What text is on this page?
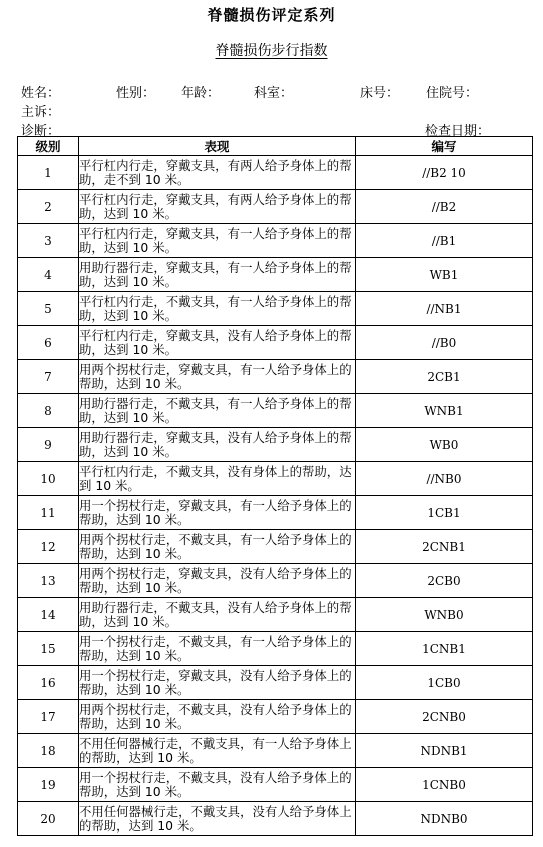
脊髓损伤评定系列
脊髓损伤步行指数
姓名：	性别： 年龄：	科室：	床号： 住院号：
主诉：
诊断：	检查日期：
级别	表现	编写
1	平行杠内行走，穿戴支具，有两人给予身体上的帮助，走不到 10 米。	//B2 10
2	平行杠内行走，穿戴支具，有两人给予身体上的帮助，达到 10 米。	//B2
3	平行杠内行走，穿戴支具，有一人给予身体上的帮助，达到 10 米。	//B1
4	用助行器行走，穿戴支具，有一人给予身体上的帮助，达到 10 米。	WB1
5	平行杠内行走，不戴支具，有一人给予身体上的帮助，达到 10 米。	//NB1
6	平行杠内行走，穿戴支具，没有人给予身体上的帮助，达到 10 米。	//B0
7	用两个拐杖行走，穿戴支具，有一人给予身体上的帮助，达到 10 米。	2CB1
8	用助行器行走，不戴支具，有一人给予身体上的帮助，达到 10 米。	WNB1
9	用助行器行走，穿戴支具，没有人给予身体上的帮助，达到 10 米。	WB0
10	平行杠内行走，不戴支具，没有身体上的帮助，达到 10 米。	//NB0
11	用一个拐杖行走，穿戴支具，有一人给予身体上的帮助，达到 10 米。	1CB1
12	用两个拐杖行走，不戴支具，有一人给予身体上的帮助，达到 10 米。	2CNB1
13	用两个拐杖行走，穿戴支具，没有人给予身体上的帮助，达到 10 米。	2CB0
14	用助行器行走，不戴支具，没有人给予身体上的帮助，达到 10 米。	WNB0
15	用一个拐杖行走，不戴支具，有一人给予身体上的帮助，达到 10 米。	1CNB1
16	用一个拐杖行走，穿戴支具，没有人给予身体上的帮助，达到 10 米。	1CB0
17	用两个拐杖行走，不戴支具，没有人给予身体上的帮助，达到 10 米。	2CNB0
18	不用任何器械行走，不戴支具，有一人给予身体上的帮助，达到 10 米。	NDNB1
19	用一个拐杖行走，不戴支具，没有人给予身体上的帮助，达到 10 米。	1CNB0
20	不用任何器械行走，不戴支具，没有人给予身体上的帮助，达到 10 米。	NDNB0
